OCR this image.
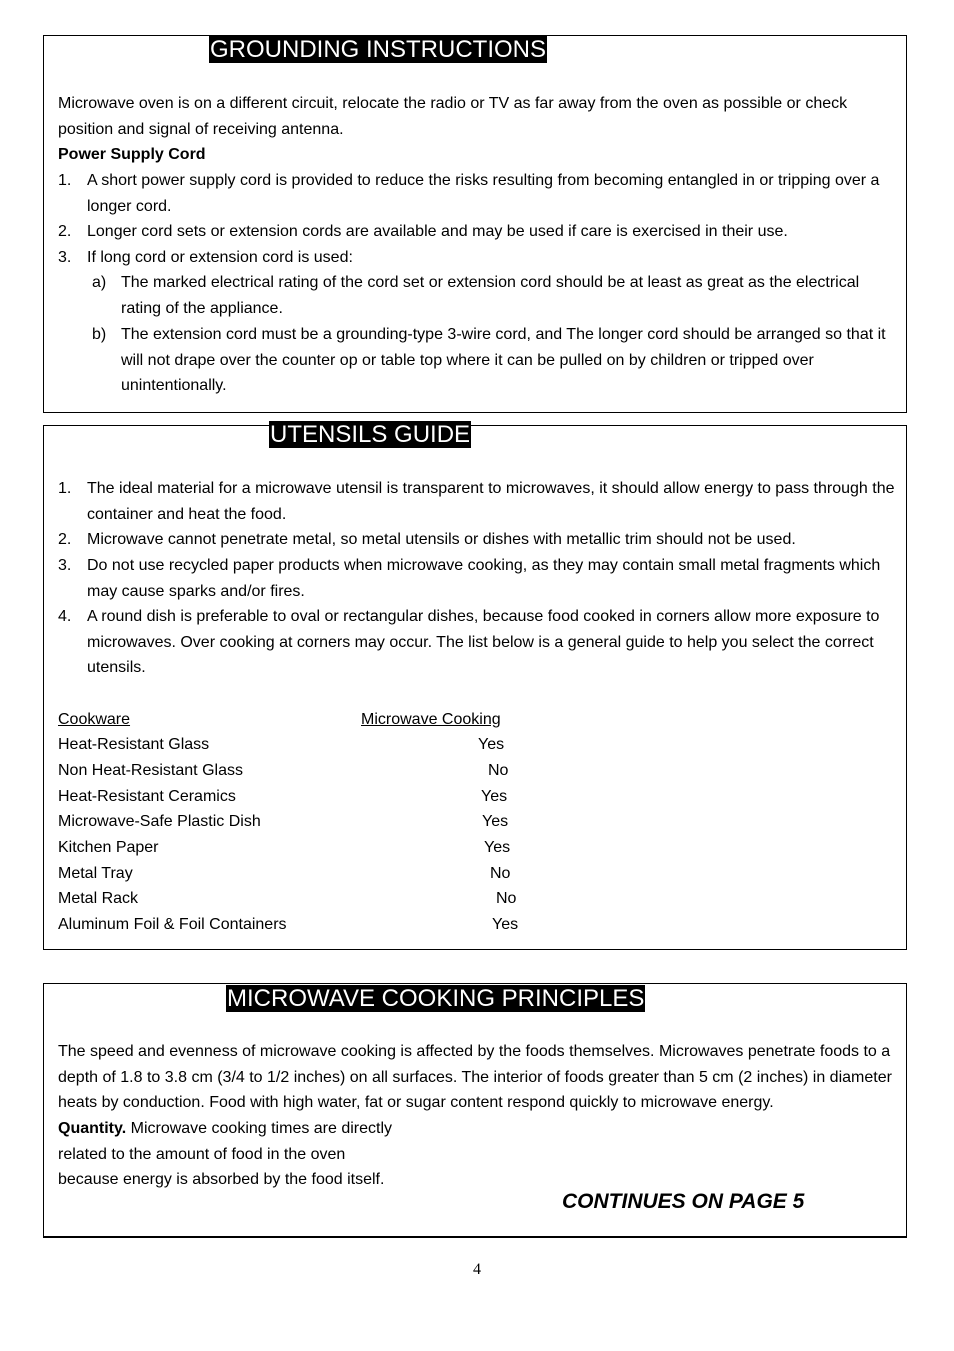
GROUNDING INSTRUCTIONS

Microwave oven is on a different circuit, relocate the radio or TV as far away from the oven as possible or check position and signal of receiving antenna.

Power Supply Cord
1. A short power supply cord is provided to reduce the risks resulting from becoming entangled in or tripping over a longer cord.
2. Longer cord sets or extension cords are available and may be used if care is exercised in their use.
3. If long cord or extension cord is used:
a) The marked electrical rating of the cord set or extension cord should be at least as great as the electrical rating of the appliance.
b) The extension cord must be a grounding-type 3-wire cord, and The longer cord should be arranged so that it will not drape over the counter op or table top where it can be pulled on by children or tripped over unintentionally.
UTENSILS GUIDE
1. The ideal material for a microwave utensil is transparent to microwaves, it should allow energy to pass through the container and heat the food.
2. Microwave cannot penetrate metal, so metal utensils or dishes with metallic trim should not be used.
3. Do not use recycled paper products when microwave cooking, as they may contain small metal fragments which may cause sparks and/or fires.
4. A round dish is preferable to oval or rectangular dishes, because food cooked in corners allow more exposure to microwaves. Over cooking at corners may occur. The list below is a general guide to help you select the correct utensils.
Cookware	Microwave Cooking
Heat-Resistant Glass	Yes
Non Heat-Resistant Glass	No
Heat-Resistant Ceramics	Yes
Microwave-Safe Plastic Dish	Yes
Kitchen Paper	Yes
Metal Tray	No
Metal Rack	No
Aluminum Foil & Foil Containers	Yes
MICROWAVE COOKING PRINCIPLES

The speed and evenness of microwave cooking is affected by the foods themselves. Microwaves penetrate foods to a depth of 1.8 to 3.8 cm (3/4 to 1/2 inches) on all surfaces. The interior of foods greater than 5 cm (2 inches) in diameter heats by conduction. Food with high water, fat or sugar content respond quickly to microwave energy.

Quantity. Microwave cooking times are directly
related to the amount of food in the oven
because energy is absorbed by the food itself.
CONTINUES ON PAGE 5
4
